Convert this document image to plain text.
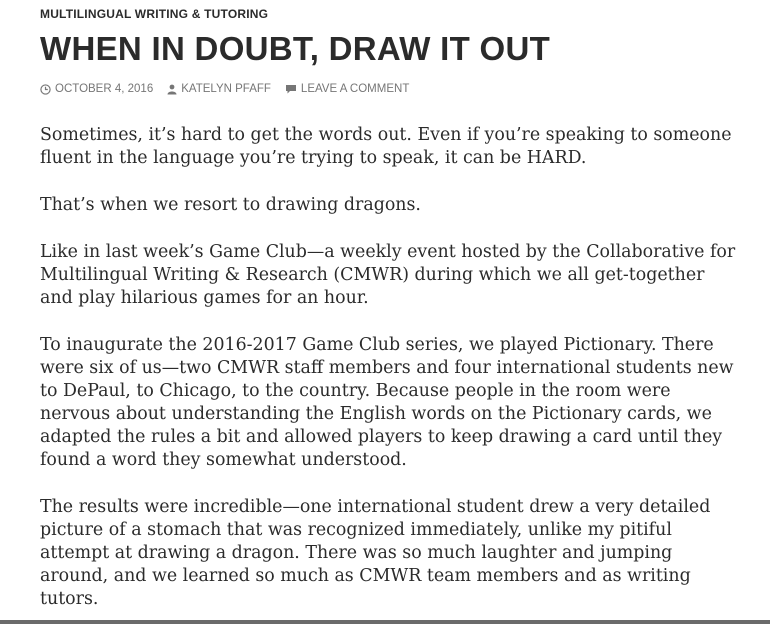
MULTILINGUAL WRITING & TUTORING
WHEN IN DOUBT, DRAW IT OUT
OCTOBER 4, 2016 KATELYN PFAFF	LEAVE A COMMENT

Sometimes, it’s hard to get the words out. Even if you’re speaking to someone fluent in the language you’re trying to speak, it can be HARD.

That’s when we resort to drawing dragons.

Like in last week’s Game Club—a weekly event hosted by the Collaborative for Multilingual Writing & Research (CMWR) during which we all get-together and play hilarious games for an hour.

To inaugurate the 2016-2017 Game Club series, we played Pictionary. There were six of us—two CMWR staff members and four international students new to DePaul, to Chicago, to the country. Because people in the room were nervous about understanding the English words on the Pictionary cards, we adapted the rules a bit and allowed players to keep drawing a card until they found a word they somewhat understood.

The results were incredible—one international student drew a very detailed picture of a stomach that was recognized immediately, unlike my pitiful attempt at drawing a dragon. There was so much laughter and jumping around, and we learned so much as CMWR team members and as writing tutors.
